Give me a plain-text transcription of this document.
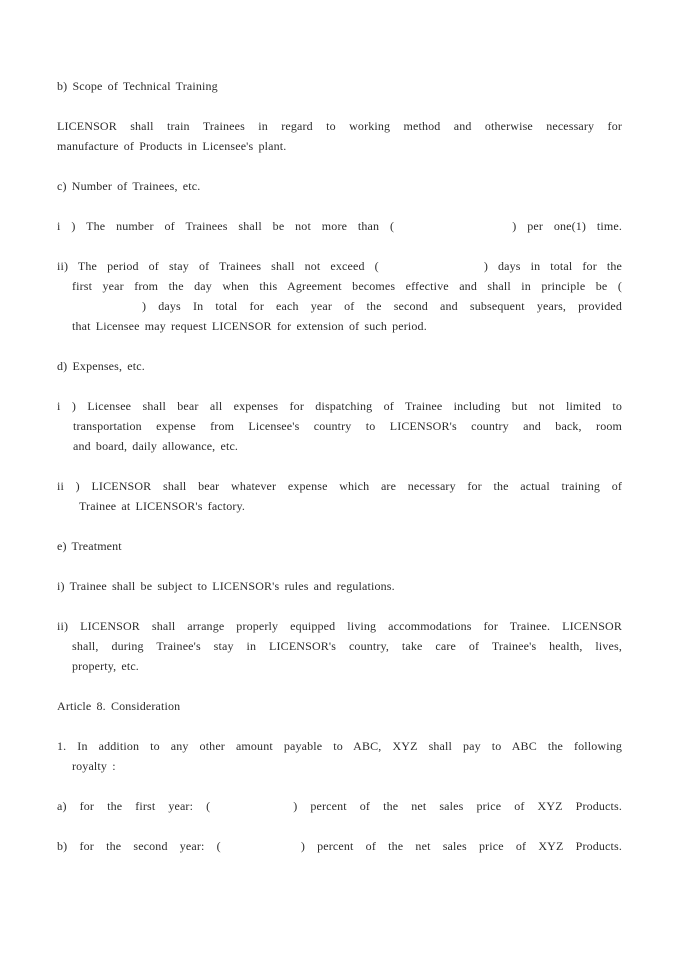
b) Scope of Technical Training
LICENSOR shall train Trainees in regard to working method and otherwise necessary for
manufacture of Products in Licensee's plant.
c) Number of Trainees, etc.
i ) The number of Trainees shall be not more than (	) per one(1) time.
ii) The period of stay of Trainees shall not exceed (	) days in total for the
first year from the day when this Agreement becomes effective and shall in principle be (
) days In total for each year of the second and subsequent years, provided
that Licensee may request LICENSOR for extension of such period.
d) Expenses, etc.
i ) Licensee shall bear all expenses for dispatching of Trainee including but not limited to
transportation expense from Licensee's country to LICENSOR's country and back, room
and board, daily allowance, etc.
ii ) LICENSOR shall bear whatever expense which are necessary for the actual training of
Trainee at LICENSOR's factory.
e) Treatment
i) Trainee shall be subject to LICENSOR's rules and regulations.
ii) LICENSOR shall arrange properly equipped living accommodations for Trainee. LICENSOR
shall, during Trainee's stay in LICENSOR's country, take care of Trainee's health, lives,
property, etc.
Article 8. Consideration
1. In addition to any other amount payable to ABC, XYZ shall pay to ABC the following
royalty :
a) for the first year: (	) percent of the net sales price of XYZ Products.
b) for the second year: (	) percent of the net sales price of XYZ Products.
